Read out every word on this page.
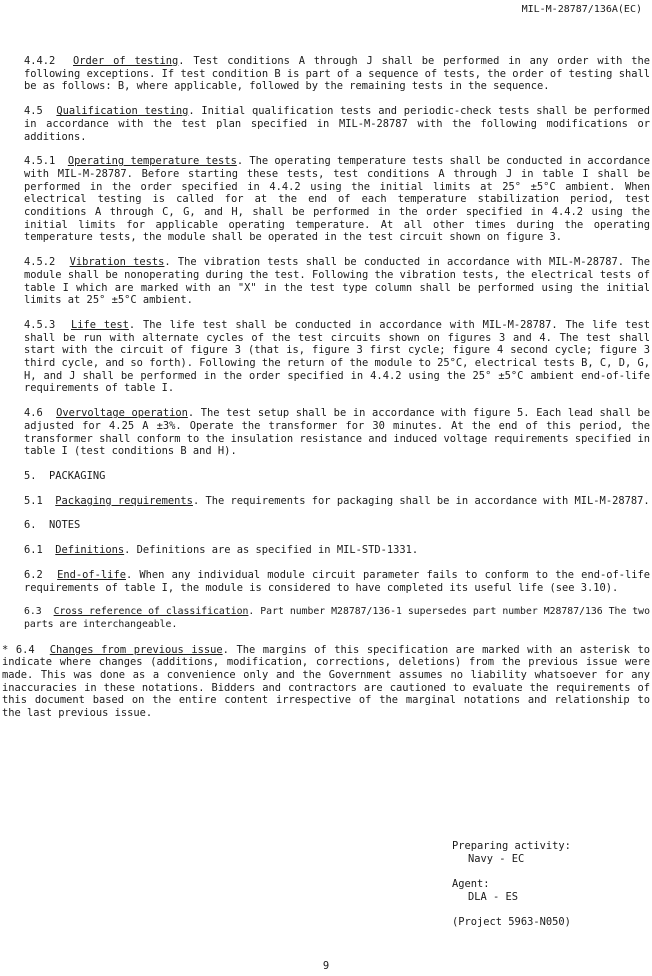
MIL-M-28787/136A(EC)

4.4.2 Order of testing. Test conditions A through J shall be performed in any order with the following exceptions. If test condition B is part of a sequence of tests, the order of testing shall be as follows: B, where applicable, followed by the remaining tests in the sequence.

4.5 Qualification testing. Initial qualification tests and periodic-check tests shall be performed in accordance with the test plan specified in MIL-M-28787 with the following modifications or additions.

4.5.1 Operating temperature tests. The operating temperature tests shall be conducted in accordance with MIL-M-28787. Before starting these tests, test conditions A through J in table I shall be performed in the order specified in 4.4.2 using the initial limits at 25° ±5°C ambient. When electrical testing is called for at the end of each temperature stabilization period, test conditions A through C, G, and H, shall be performed in the order specified in 4.4.2 using the initial limits for applicable operating temperature. At all other times during the operating temperature tests, the module shall be operated in the test circuit shown on figure 3.

4.5.2 Vibration tests. The vibration tests shall be conducted in accordance with MIL-M-28787. The module shall be nonoperating during the test. Following the vibration tests, the electrical tests of table I which are marked with an "X" in the test type column shall be performed using the initial limits at 25° ±5°C ambient.

4.5.3 Life test. The life test shall be conducted in accordance with MIL-M-28787. The life test shall be run with alternate cycles of the test circuits shown on figures 3 and 4. The test shall start with the circuit of figure 3 (that is, figure 3 first cycle; figure 4 second cycle; figure 3 third cycle, and so forth). Following the return of the module to 25°C, electrical tests B, C, D, G, H, and J shall be performed in the order specified in 4.4.2 using the 25° ±5°C ambient end-of-life requirements of table I.

4.6 Overvoltage operation. The test setup shall be in accordance with figure 5. Each lead shall be adjusted for 4.25 A ±3%. Operate the transformer for 30 minutes. At the end of this period, the transformer shall conform to the insulation resistance and induced voltage requirements specified in table I (test conditions B and H).

5. PACKAGING

5.1 Packaging requirements. The requirements for packaging shall be in accordance with MIL-M-28787.

6. NOTES

6.1 Definitions. Definitions are as specified in MIL-STD-1331.

6.2 End-of-life. When any individual module circuit parameter fails to conform to the end-of-life requirements of table I, the module is considered to have completed its useful life (see 3.10).

6.3 Cross reference of classification. Part number M28787/136-1 supersedes part number M28787/136 The two parts are interchangeable.

* 6.4 Changes from previous issue. The margins of this specification are marked with an asterisk to indicate where changes (additions, modification, corrections, deletions) from the previous issue were made. This was done as a convenience only and the Government assumes no liability whatsoever for any inaccuracies in these notations. Bidders and contractors are cautioned to evaluate the requirements of this document based on the entire content irrespective of the marginal notations and relationship to the last previous issue.

Preparing activity:

Navy - EC

Agent:

DLA - ES

(Project 5963-N050)

9
